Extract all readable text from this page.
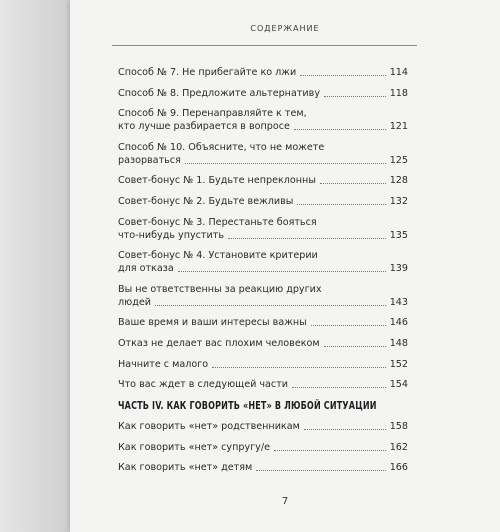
СОДЕРЖАНИЕ
Способ № 7. Не прибегайте ко лжи	114
Способ № 8. Предложите альтернативу	118
Способ № 9. Перенаправляйте к тем,
кто лучше разбирается в вопросе	121
Способ № 10. Объясните, что не можете
разорваться	125
Совет-бонус № 1. Будьте непреклонны	128
Совет-бонус № 2. Будьте вежливы	132
Совет-бонус № 3. Перестаньте бояться
что-нибудь упустить	135
Совет-бонус № 4. Установите критерии
для отказа	139
Вы не ответственны за реакцию других
людей	143
Ваше время и ваши интересы важны	146
Отказ не делает вас плохим человеком	148
Начните с малого	152
Что вас ждет в следующей части	154
ЧАСТЬ IV. КАК ГОВОРИТЬ «НЕТ» В ЛЮБОЙ СИТУАЦИИ
Как говорить «нет» родственникам	158
Как говорить «нет» супругу/е	162
Как говорить «нет» детям	166
7
